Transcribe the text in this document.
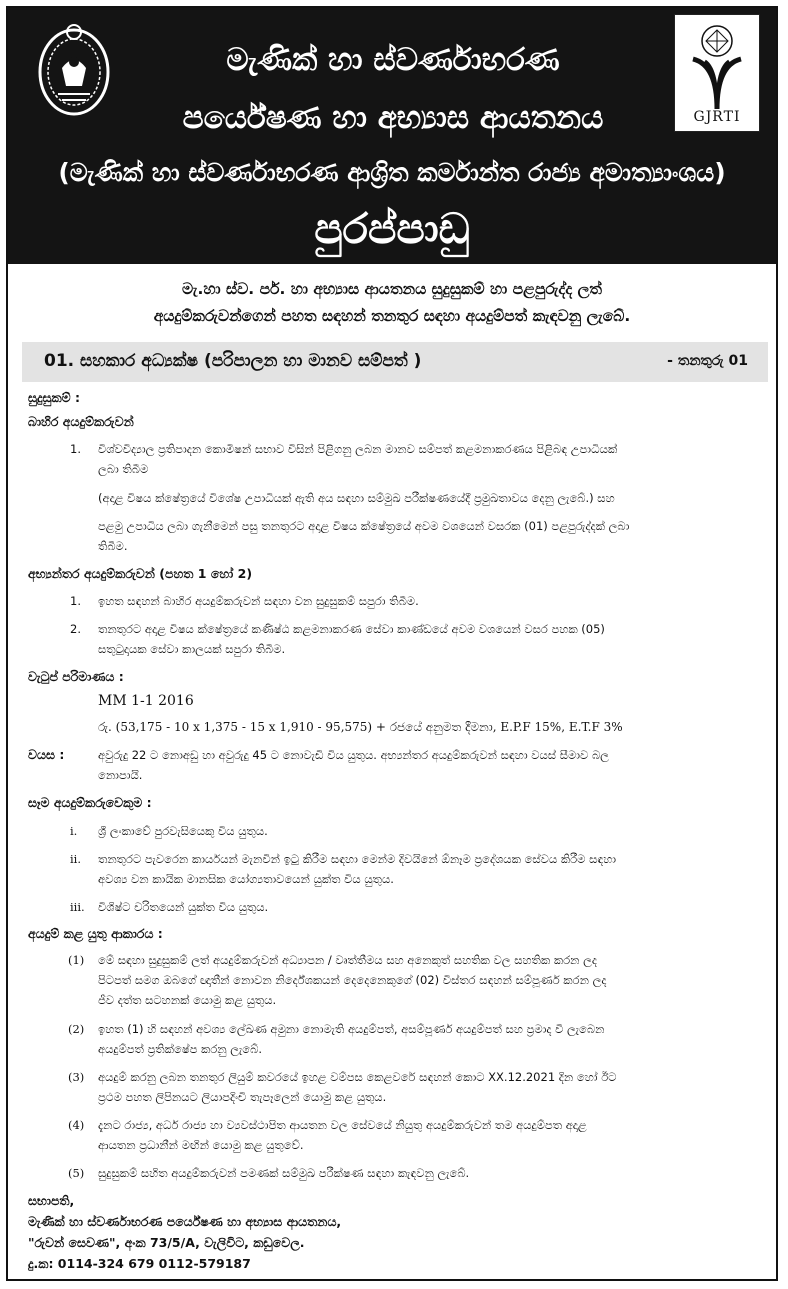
මැණික් හා ස්වර්ණාභරණ
පර්යේෂණ හා අභ්‍යාස ආයතනය	GJRTI
(මැණික් හා ස්වර්ණාභරණ ආශ්‍රිත කර්මාන්ත රාජ්‍ය අමාත්‍යාංශය)
පුරප්පාඩු
මැ.හා ස්ව. පර්. හා අභ්‍යාස ආයතනය සුදුසුකම් හා පළපුරුද්ද ලත්
අයදුම්කරුවන්ගෙන් පහත සඳහන් තනතුර සඳහා අයදුම්පත් කැඳවනු ලැබේ.
01. සහකාර අධ්‍යක්ෂ (පරිපාලන හා මානව සම්පත් )	- තනතුරු 01
සුදුසුකම් :
බාහිර අයදුම්කරුවන්
1. විශ්වවිද්‍යාල ප්‍රතිපාදන කොමිෂන් සභාව විසින් පිළිගනු ලබන මානව සම්පත් කළමනාකරණය පිළිබඳ උපාධියක්
ලබා තිබීම
(අදාළ විෂය ක්ෂේත්‍රයේ විශේෂ උපාධියක් ඇති අය සඳහා සම්මුඛ පරීක්ෂණයේදී ප්‍රමුඛතාවය දෙනු ලැබේ.) සහ
පළමු උපාධිය ලබා ගැනීමෙන් පසු තනතුරට අදාළ විෂය ක්ෂේත්‍රයේ අවම වශයෙන් වසරක (01) පළපුරුද්දක් ලබා
තිබීම.
අභ්‍යන්තර අයදුම්කරුවන් (පහත 1 හෝ 2)
1. ඉහත සඳහන් බාහිර අයදුම්කරුවන් සඳහා වන සුදුසුකම් සපුරා තිබීම.
2. තනතුරට අදාළ විෂය ක්ෂේත්‍රයේ කණිෂ්ඨ කළමනාකරණ සේවා කාණ්ඩයේ අවම වශයෙන් වසර පහක (05)
සතුටුදායක සේවා කාලයක් සපුරා තිබීම.
වැටුප් පරිමාණය :
MM 1-1 2016
රු. (53,175 - 10 x 1,375 - 15 x 1,910 - 95,575) + රජයේ අනුමත දීමනා, E.P.F 15%, E.T.F 3%
වයස :	අවුරුදු 22 ට නොඅඩු හා අවුරුදු 45 ට නොවැඩි විය යුතුය. අභ්‍යන්තර අයදුම්කරුවන් සඳහා වයස් සීමාව බල
නොපායි.
සෑම අයදුම්කරුවෙකුම :
i. ශ්‍රී ලංකාවේ පුරවැසියෙකු විය යුතුය.
ii. තනතුරට පැවරෙන කාර්යයන් මැනවින් ඉටු කිරීම සඳහා මෙන්ම දිවයිනේ ඕනෑම ප්‍රදේශයක සේවය කිරීම සඳහා
අවශ්‍ය වන කායික මානසික යෝග්‍යතාවයෙන් යුක්ත විය යුතුය.
iii. විශිෂ්ට චරිතයෙන් යුක්ත විය යුතුය.
අයදුම් කළ යුතු ආකාරය :
(1) මේ සඳහා සුදුසුකම් ලත් අයදුම්කරුවන් අධ්‍යාපන / වෘත්තීමය සහ අනෙකුත් සහතික වල සහතික කරන ලද
පිටපත් සමග ඔබගේ ඥාතීන් නොවන නිර්දේශකයන් දෙදෙනෙකුගේ (02) විස්තර සඳහන් සම්පූර්ණ කරන ලද
ජීව දත්ත සටහනක් යොමු කළ යුතුය.
(2) ඉහත (1) හි සඳහන් අවශ්‍ය ලේඛණ අමුනා නොමැති අයදුම්පත්, අසම්පූර්ණ අයදුම්පත් සහ ප්‍රමාද වී ලැබෙන
අයදුම්පත් ප්‍රතික්ෂේප කරනු ලැබේ.
(3) අයදුම් කරනු ලබන තනතුර ලියුම් කවරයේ ඉහළ වම්පස කෙළවරේ සඳහන් කොට XX.12.2021 දින හෝ ඊට
ප්‍රථම පහත ලිපිනයට ලියාපදිංචි තැපෑලෙන් යොමු කළ යුතුය.
(4) දැනට රාජ්‍ය, අර්ධ රාජ්‍ය හා ව්‍යවස්ථාපිත ආයතන වල සේවයේ නියුතු අයදුම්කරුවන් තම අයදුම්පත අදාළ
ආයතන ප්‍රධානීන් මඟින් යොමු කළ යුතුවේ.
(5) සුදුසුකම් සහිත අයදුම්කරුවන් පමණක් සම්මුඛ පරීක්ෂණ සඳහා කැඳවනු ලැබේ.
සභාපති,
මැණික් හා ස්වර්ණාභරණ පර්යේෂණ හා අභ්‍යාස ආයතනය,
"රුවන් සෙවණ", අංක 73/5/A, වැලිවිට, කඩුවෙල.
දු.ක: 0114-324 679 0112-579187
